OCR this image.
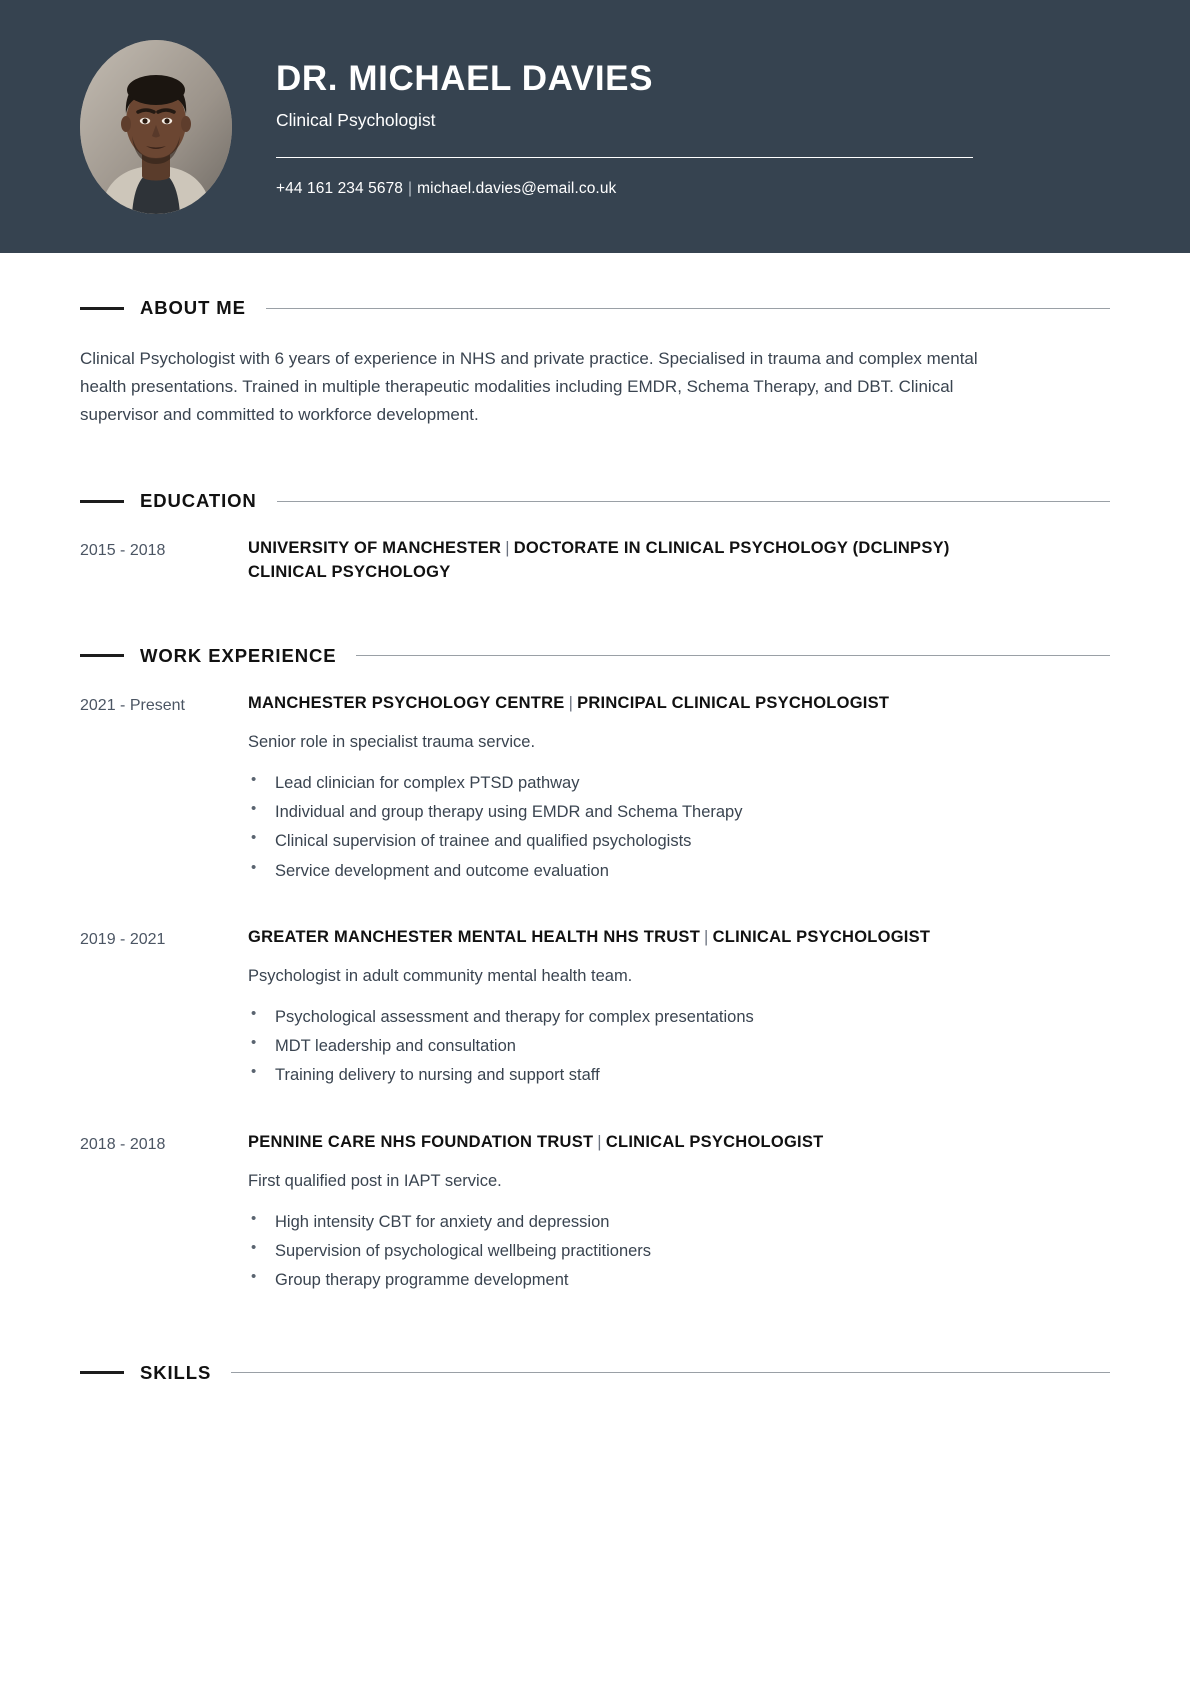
DR. MICHAEL DAVIES
Clinical Psychologist
+44 161 234 5678 | michael.davies@email.co.uk
ABOUT ME

Clinical Psychologist with 6 years of experience in NHS and private practice. Specialised in trauma and complex mental health presentations. Trained in multiple therapeutic modalities including EMDR, Schema Therapy, and DBT. Clinical supervisor and committed to workforce development.

EDUCATION
2015 - 2018	UNIVERSITY OF MANCHESTER | DOCTORATE IN CLINICAL PSYCHOLOGY (DCLINPSY)
CLINICAL PSYCHOLOGY
WORK EXPERIENCE
2021 - Present	MANCHESTER PSYCHOLOGY CENTRE | PRINCIPAL CLINICAL PSYCHOLOGIST
Senior role in specialist trauma service.
• Lead clinician for complex PTSD pathway
• Individual and group therapy using EMDR and Schema Therapy
• Clinical supervision of trainee and qualified psychologists
• Service development and outcome evaluation
2019 - 2021	GREATER MANCHESTER MENTAL HEALTH NHS TRUST | CLINICAL PSYCHOLOGIST
Psychologist in adult community mental health team.
• Psychological assessment and therapy for complex presentations
• MDT leadership and consultation
• Training delivery to nursing and support staff
2018 - 2018	PENNINE CARE NHS FOUNDATION TRUST | CLINICAL PSYCHOLOGIST
First qualified post in IAPT service.
• High intensity CBT for anxiety and depression
• Supervision of psychological wellbeing practitioners
• Group therapy programme development
SKILLS
